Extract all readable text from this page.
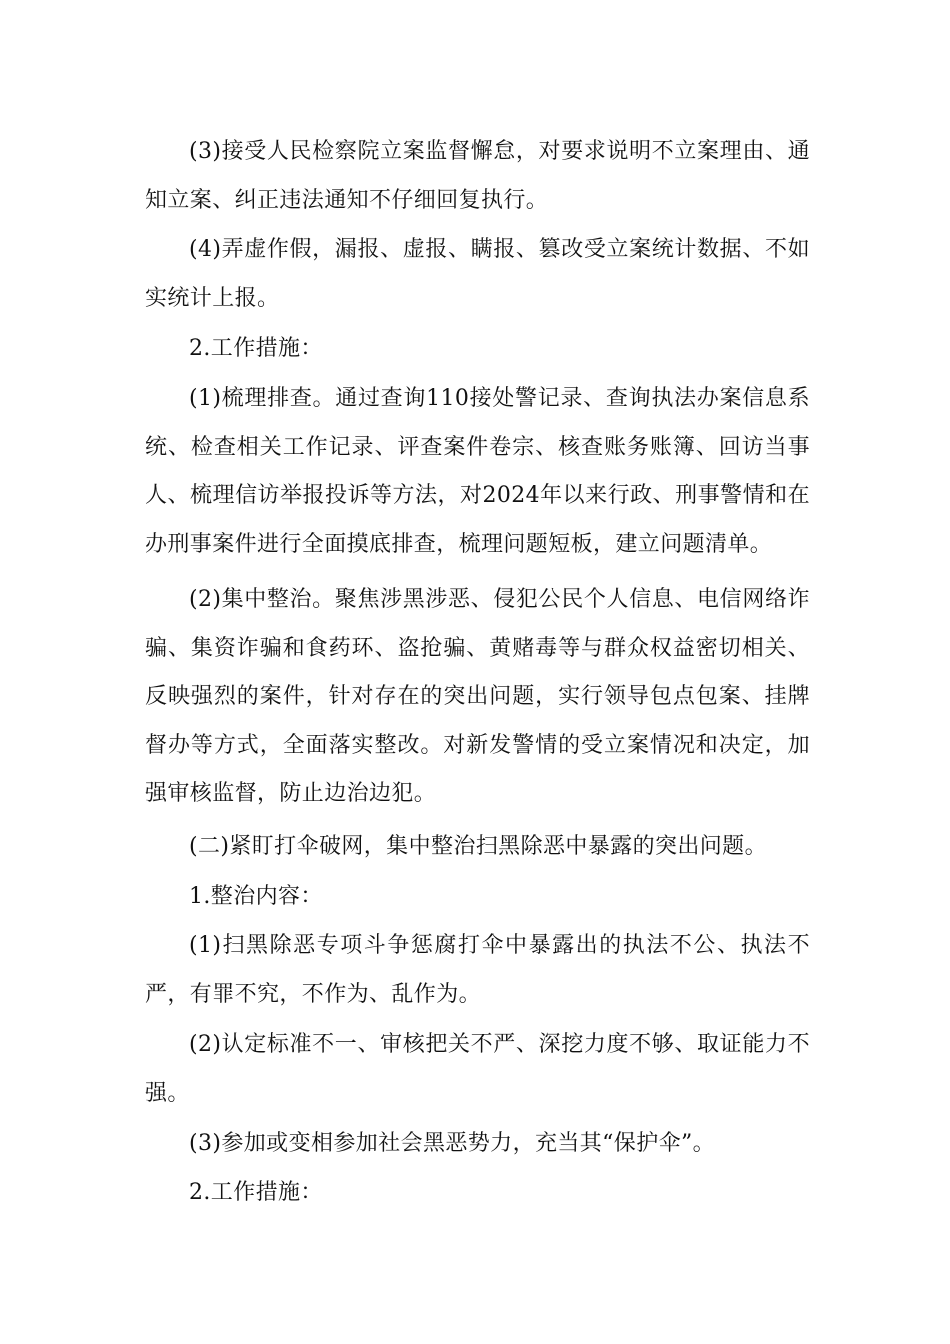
(3)接受人民检察院立案监督懈怠，对要求说明不立案理由、通知立案、纠正违法通知不仔细回复执行。

(4)弄虚作假，漏报、虚报、瞒报、篡改受立案统计数据、不如实统计上报。

2.工作措施：

(1)梳理排查。通过查询110接处警记录、查询执法办案信息系统、检查相关工作记录、评查案件卷宗、核查账务账簿、回访当事人、梳理信访举报投诉等方法，对2024年以来行政、刑事警情和在办刑事案件进行全面摸底排查，梳理问题短板，建立问题清单。

(2)集中整治。聚焦涉黑涉恶、侵犯公民个人信息、电信网络诈骗、集资诈骗和食药环、盗抢骗、黄赌毒等与群众权益密切相关、反映强烈的案件，针对存在的突出问题，实行领导包点包案、挂牌督办等方式，全面落实整改。对新发警情的受立案情况和决定，加强审核监督，防止边治边犯。

(二)紧盯打伞破网，集中整治扫黑除恶中暴露的突出问题。

1.整治内容：

(1)扫黑除恶专项斗争惩腐打伞中暴露出的执法不公、执法不严，有罪不究，不作为、乱作为。

(2)认定标准不一、审核把关不严、深挖力度不够、取证能力不强。

(3)参加或变相参加社会黑恶势力，充当其“保护伞”。

2.工作措施：
